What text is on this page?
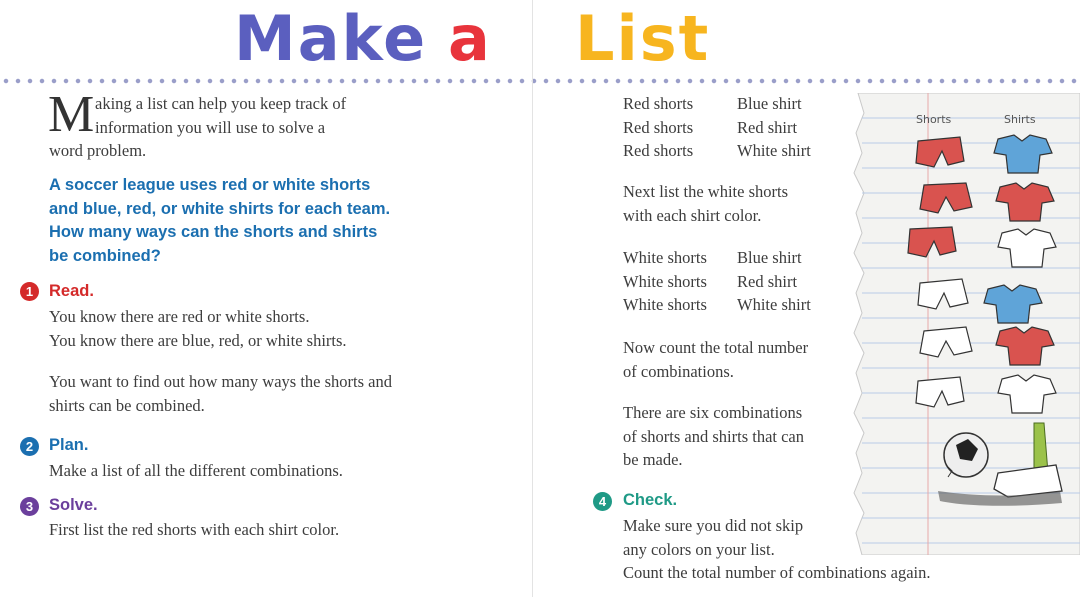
Make a List
M aking a list can help you keep track of
information you will use to solve a
word problem.
A soccer league uses red or white shorts
and blue, red, or white shirts for each team.
How many ways can the shorts and shirts
be combined?
1 Read.
You know there are red or white shorts.
You know there are blue, red, or white shirts.
You want to find out how many ways the shorts and
shirts can be combined.
2 Plan.
Make a list of all the different combinations.
3 Solve.
First list the red shorts with each shirt color.
Red shorts	Blue shirt
Red shorts	Red shirt
Red shorts	White shirt
Next list the white shorts
with each shirt color.
White shorts	Blue shirt
White shorts	Red shirt
White shorts	White shirt
Now count the total number
of combinations.
There are six combinations
of shorts and shirts that can
be made.
4	Check.
Make sure you did not skip
any colors on your list.
Count the total number of combinations again.
Shorts	Shirts
